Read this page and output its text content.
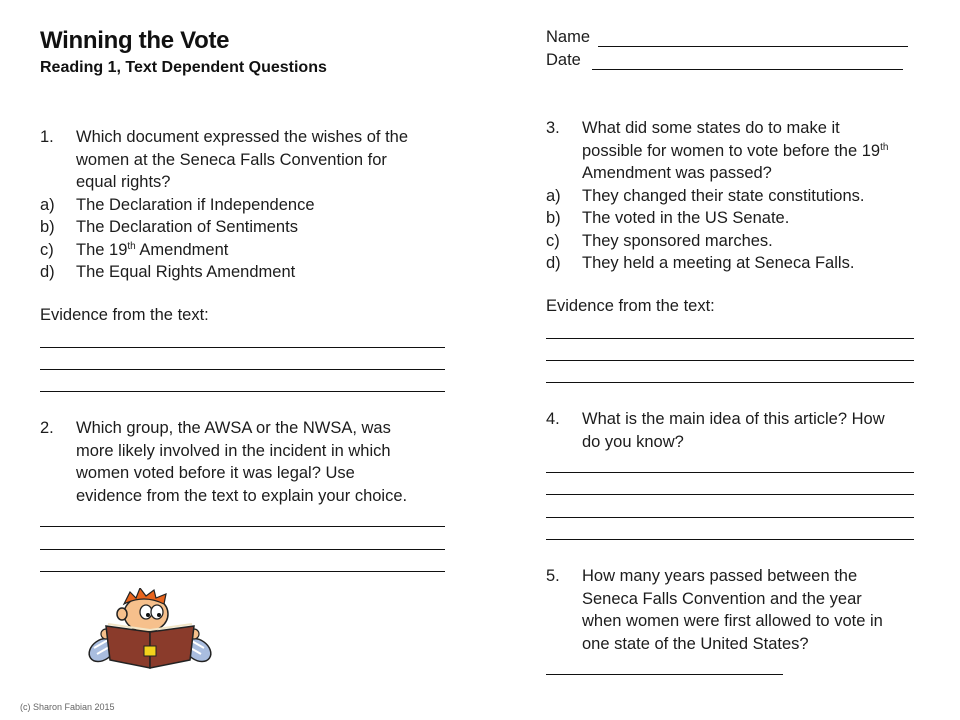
Winning the Vote
Reading 1, Text Dependent Questions
Name
Date
1. Which document expressed the wishes of the
women at the Seneca Falls Convention for
equal rights?
a) The Declaration if Independence
b) The Declaration of Sentiments
c) The 19th Amendment
d) The Equal Rights Amendment
Evidence from the text:
2. Which group, the AWSA or the NWSA, was
more likely involved in the incident in which
women voted before it was legal? Use
evidence from the text to explain your choice.
3. What did some states do to make it
possible for women to vote before the 19th
Amendment was passed?
a) They changed their state constitutions.
b) The voted in the US Senate.
c) They sponsored marches.
d) They held a meeting at Seneca Falls.
Evidence from the text:
4. What is the main idea of this article? How
do you know?
5. How many years passed between the
Seneca Falls Convention and the year
when women were first allowed to vote in
one state of the United States?
(c) Sharon Fabian 2015
